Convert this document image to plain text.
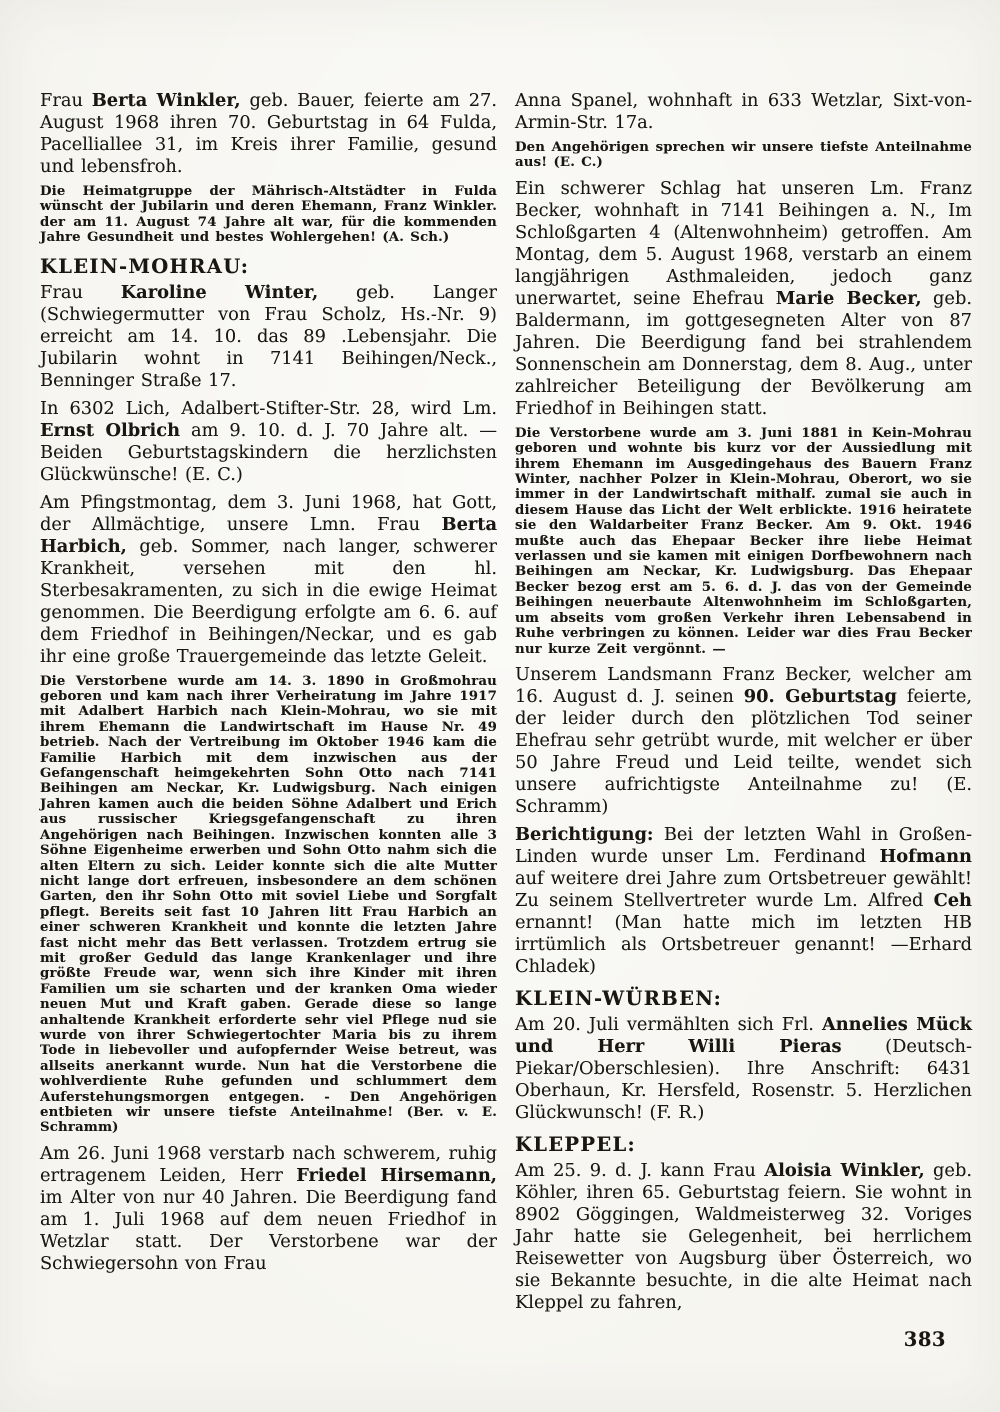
Frau Berta Winkler, geb. Bauer, feierte am 27. August 1968 ihren 70. Geburtstag in 64 Fulda, Pacelliallee 31, im Kreis ihrer Familie, gesund und lebensfroh.

Die Heimatgruppe der Mährisch-Altstädter in Fulda wünscht der Jubilarin und deren Ehemann, Franz Winkler. der am 11. August 74 Jahre alt war, für die kommenden Jahre Gesundheit und bestes Wohlergehen! (A. Sch.)

KLEIN-MOHRAU:

Frau Karoline Winter, geb. Langer (Schwiegermutter von Frau Scholz, Hs.-Nr. 9) erreicht am 14. 10. das 89 .Lebensjahr. Die Jubilarin wohnt in 7141 Beihingen/Neck., Benninger Straße 17.

In 6302 Lich, Adalbert-Stifter-Str. 28, wird Lm. Ernst Olbrich am 9. 10. d. J. 70 Jahre alt. — Beiden Geburtstagskindern die herzlichsten Glückwünsche! (E. C.)

Am Pfingstmontag, dem 3. Juni 1968, hat Gott, der Allmächtige, unsere Lmn. Frau Berta Harbich, geb. Sommer, nach langer, schwerer Krankheit, versehen mit den hl. Sterbesakramenten, zu sich in die ewige Heimat genommen. Die Beerdigung erfolgte am 6. 6. auf dem Friedhof in Beihingen/Neckar, und es gab ihr eine große Trauergemeinde das letzte Geleit.

Die Verstorbene wurde am 14. 3. 1890 in Großmohrau geboren und kam nach ihrer Verheiratung im Jahre 1917 mit Adalbert Harbich nach Klein-Mohrau, wo sie mit ihrem Ehemann die Landwirtschaft im Hause Nr. 49 betrieb. Nach der Vertreibung im Oktober 1946 kam die Familie Harbich mit dem inzwischen aus der Gefangenschaft heimgekehrten Sohn Otto nach 7141 Beihingen am Neckar, Kr. Ludwigsburg. Nach einigen Jahren kamen auch die beiden Söhne Adalbert und Erich aus russischer Kriegsgefangenschaft zu ihren Angehörigen nach Beihingen. Inzwischen konnten alle 3 Söhne Eigenheime erwerben und Sohn Otto nahm sich die alten Eltern zu sich. Leider konnte sich die alte Mutter nicht lange dort erfreuen, insbesondere an dem schönen Garten, den ihr Sohn Otto mit soviel Liebe und Sorgfalt pflegt. Bereits seit fast 10 Jahren litt Frau Harbich an einer schweren Krankheit und konnte die letzten Jahre fast nicht mehr das Bett verlassen. Trotzdem ertrug sie mit großer Geduld das lange Krankenlager und ihre größte Freude war, wenn sich ihre Kinder mit ihren Familien um sie scharten und der kranken Oma wieder neuen Mut und Kraft gaben. Gerade diese so lange anhaltende Krankheit erforderte sehr viel Pflege nud sie wurde von ihrer Schwiegertochter Maria bis zu ihrem Tode in liebevoller und aufopfernder Weise betreut, was allseits anerkannt wurde. Nun hat die Verstorbene die wohlverdiente Ruhe gefunden und schlummert dem Auferstehungsmorgen entgegen. - Den Angehörigen entbieten wir unsere tiefste Anteilnahme! (Ber. v. E. Schramm)

Am 26. Juni 1968 verstarb nach schwerem, ruhig ertragenem Leiden, Herr Friedel Hirsemann, im Alter von nur 40 Jahren. Die Beerdigung fand am 1. Juli 1968 auf dem neuen Friedhof in Wetzlar statt. Der Verstorbene war der Schwiegersohn von Frau

Anna Spanel, wohnhaft in 633 Wetzlar, Sixt-von-Armin-Str. 17a.

Den Angehörigen sprechen wir unsere tiefste Anteilnahme aus! (E. C.)

Ein schwerer Schlag hat unseren Lm. Franz Becker, wohnhaft in 7141 Beihingen a. N., Im Schloßgarten 4 (Altenwohnheim) getroffen. Am Montag, dem 5. August 1968, verstarb an einem langjährigen Asthmaleiden, jedoch ganz unerwartet, seine Ehefrau Marie Becker, geb. Baldermann, im gottgesegneten Alter von 87 Jahren. Die Beerdigung fand bei strahlendem Sonnenschein am Donnerstag, dem 8. Aug., unter zahlreicher Beteiligung der Bevölkerung am Friedhof in Beihingen statt.

Die Verstorbene wurde am 3. Juni 1881 in Kein-Mohrau geboren und wohnte bis kurz vor der Aussiedlung mit ihrem Ehemann im Ausgedingehaus des Bauern Franz Winter, nachher Polzer in Klein-Mohrau, Oberort, wo sie immer in der Landwirtschaft mithalf. zumal sie auch in diesem Hause das Licht der Welt erblickte. 1916 heiratete sie den Waldarbeiter Franz Becker. Am 9. Okt. 1946 mußte auch das Ehepaar Becker ihre liebe Heimat verlassen und sie kamen mit einigen Dorfbewohnern nach Beihingen am Neckar, Kr. Ludwigsburg. Das Ehepaar Becker bezog erst am 5. 6. d. J. das von der Gemeinde Beihingen neuerbaute Altenwohnheim im Schloßgarten, um abseits vom großen Verkehr ihren Lebensabend in Ruhe verbringen zu können. Leider war dies Frau Becker nur kurze Zeit vergönnt. —

Unserem Landsmann Franz Becker, welcher am 16. August d. J. seinen 90. Geburtstag feierte, der leider durch den plötzlichen Tod seiner Ehefrau sehr getrübt wurde, mit welcher er über 50 Jahre Freud und Leid teilte, wendet sich unsere aufrichtigste Anteilnahme zu! (E. Schramm)

Berichtigung: Bei der letzten Wahl in Großen-Linden wurde unser Lm. Ferdinand Hofmann auf weitere drei Jahre zum Ortsbetreuer gewählt! Zu seinem Stellvertreter wurde Lm. Alfred Ceh ernannt! (Man hatte mich im letzten HB irrtümlich als Ortsbetreuer genannt! —Erhard Chladek)

KLEIN-WÜRBEN:

Am 20. Juli vermählten sich Frl. Annelies Mück und Herr Willi Pieras (Deutsch-Piekar/Oberschlesien). Ihre Anschrift: 6431 Oberhaun, Kr. Hersfeld, Rosenstr. 5. Herzlichen Glückwunsch! (F. R.)

KLEPPEL:

Am 25. 9. d. J. kann Frau Aloisia Winkler, geb. Köhler, ihren 65. Geburtstag feiern. Sie wohnt in 8902 Göggingen, Waldmeisterweg 32. Voriges Jahr hatte sie Gelegenheit, bei herrlichem Reisewetter von Augsburg über Österreich, wo sie Bekannte besuchte, in die alte Heimat nach Kleppel zu fahren,

383
